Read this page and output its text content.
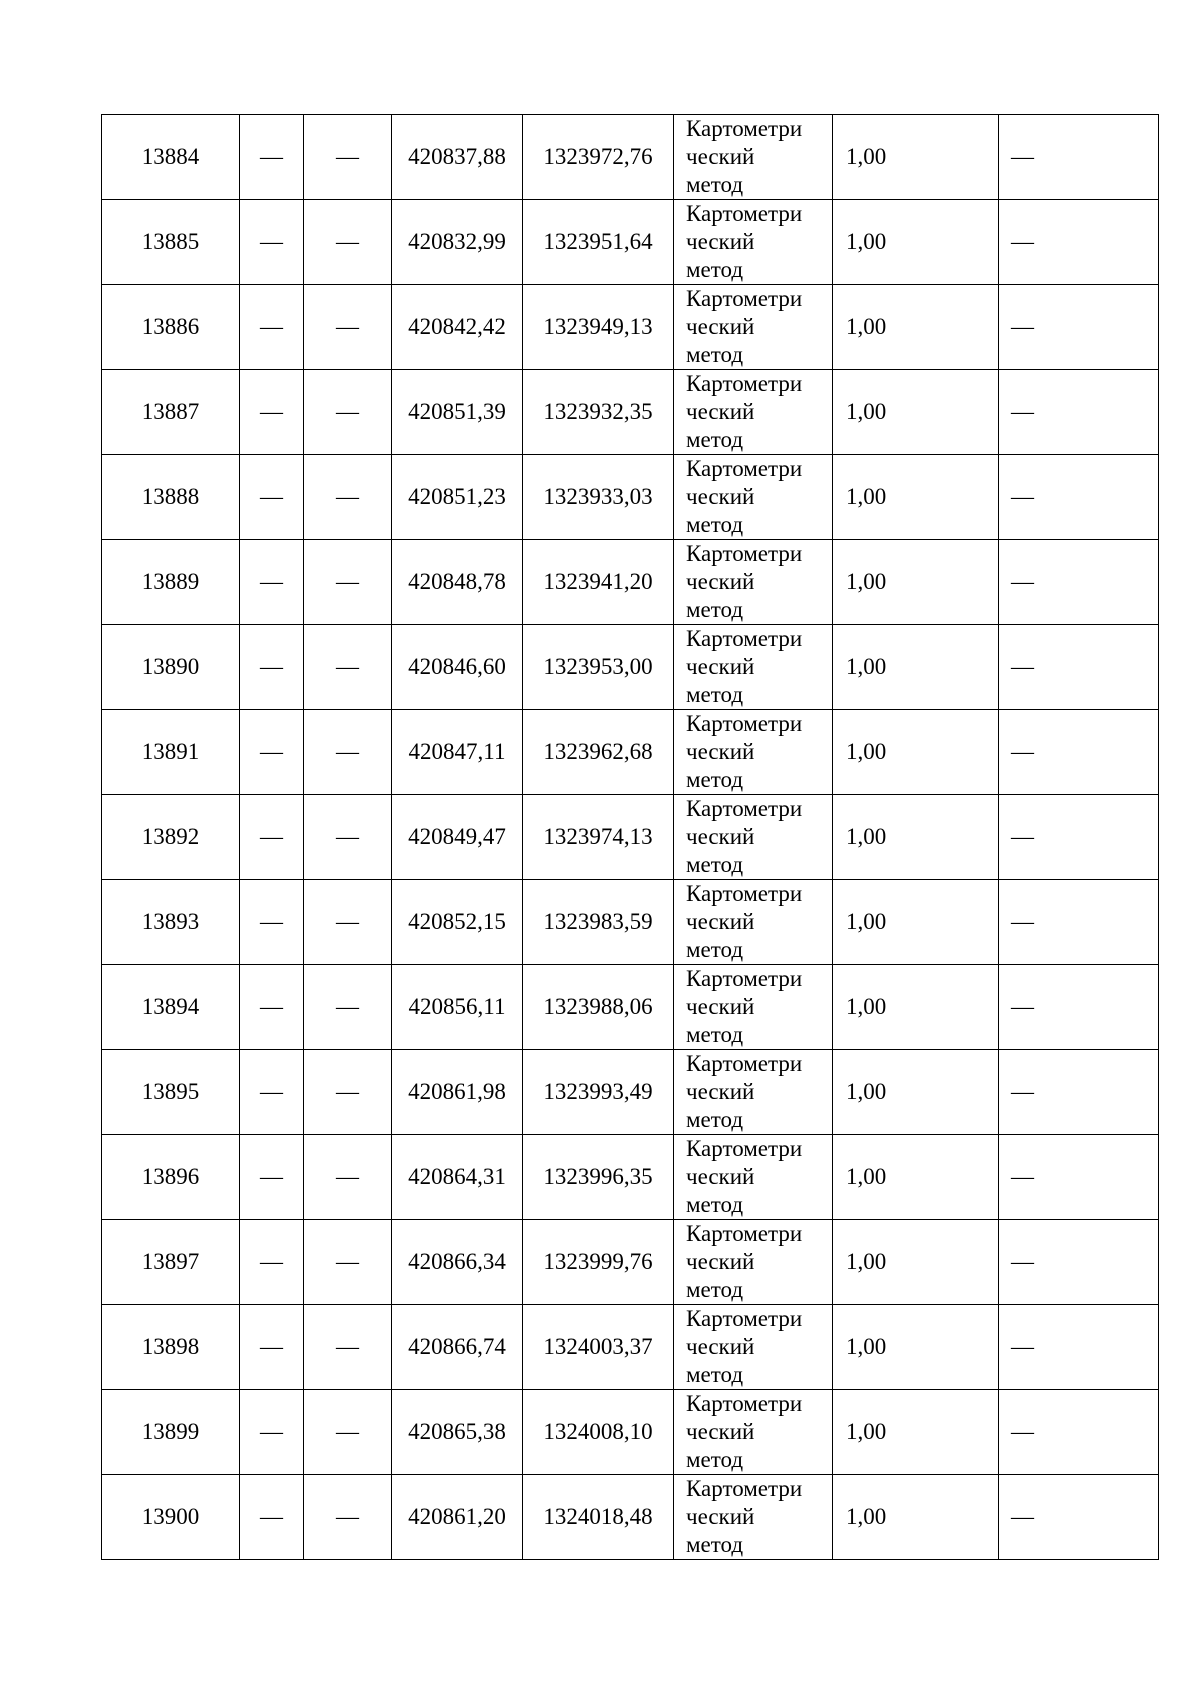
13884	—	—	420837,88	1323972,76	Картометри
ческий
метод	1,00	—
13885	—	—	420832,99	1323951,64	Картометри
ческий
метод	1,00	—
13886	—	—	420842,42	1323949,13	Картометри
ческий
метод	1,00	—
13887	—	—	420851,39	1323932,35	Картометри
ческий
метод	1,00	—
13888	—	—	420851,23	1323933,03	Картометри
ческий
метод	1,00	—
13889	—	—	420848,78	1323941,20	Картометри
ческий
метод	1,00	—
13890	—	—	420846,60	1323953,00	Картометри
ческий
метод	1,00	—
13891	—	—	420847,11	1323962,68	Картометри
ческий
метод	1,00	—
13892	—	—	420849,47	1323974,13	Картометри
ческий
метод	1,00	—
13893	—	—	420852,15	1323983,59	Картометри
ческий
метод	1,00	—
13894	—	—	420856,11	1323988,06	Картометри
ческий
метод	1,00	—
13895	—	—	420861,98	1323993,49	Картометри
ческий
метод	1,00	—
13896	—	—	420864,31	1323996,35	Картометри
ческий
метод	1,00	—
13897	—	—	420866,34	1323999,76	Картометри
ческий
метод	1,00	—
13898	—	—	420866,74	1324003,37	Картометри
ческий
метод	1,00	—
13899	—	—	420865,38	1324008,10	Картометри
ческий
метод	1,00	—
13900	—	—	420861,20	1324018,48	Картометри
ческий
метод	1,00	—
